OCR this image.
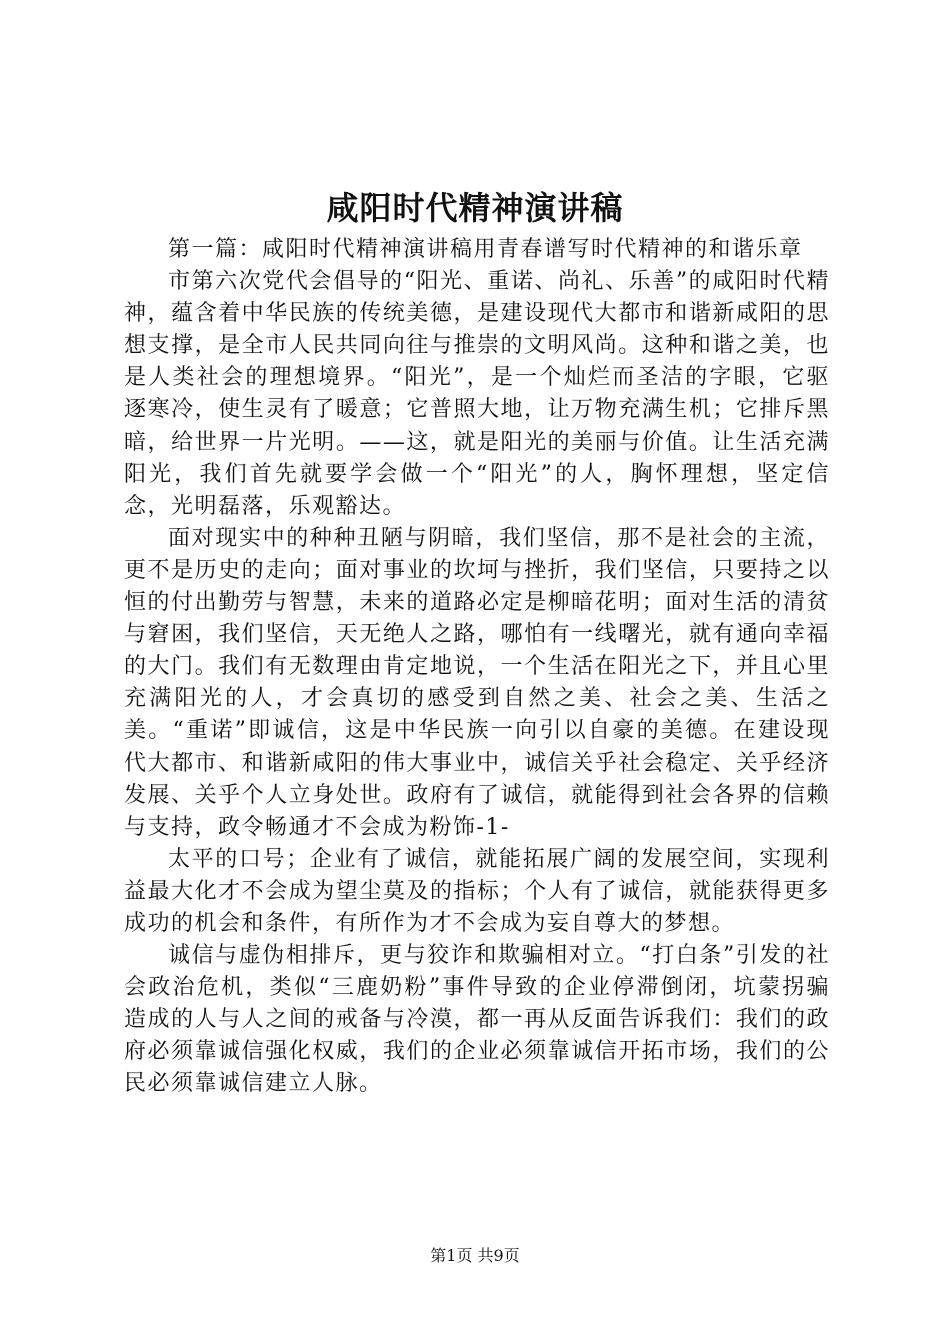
咸阳时代精神演讲稿

第一篇：咸阳时代精神演讲稿用青春谱写时代精神的和谐乐章

市第六次党代会倡导的“阳光、重诺、尚礼、乐善”的咸阳时代精神，蕴含着中华民族的传统美德，是建设现代大都市和谐新咸阳的思想支撑，是全市人民共同向往与推崇的文明风尚。这种和谐之美，也是人类社会的理想境界。“阳光”，是一个灿烂而圣洁的字眼，它驱逐寒冷，使生灵有了暖意；它普照大地，让万物充满生机；它排斥黑暗，给世界一片光明。——这，就是阳光的美丽与价值。让生活充满阳光，我们首先就要学会做一个“阳光”的人，胸怀理想，坚定信念，光明磊落，乐观豁达。

面对现实中的种种丑陋与阴暗，我们坚信，那不是社会的主流，更不是历史的走向；面对事业的坎坷与挫折，我们坚信，只要持之以恒的付出勤劳与智慧，未来的道路必定是柳暗花明；面对生活的清贫与窘困，我们坚信，天无绝人之路，哪怕有一线曙光，就有通向幸福的大门。我们有无数理由肯定地说，一个生活在阳光之下，并且心里充满阳光的人，才会真切的感受到自然之美、社会之美、生活之美。“重诺”即诚信，这是中华民族一向引以自豪的美德。在建设现代大都市、和谐新咸阳的伟大事业中，诚信关乎社会稳定、关乎经济发展、关乎个人立身处世。政府有了诚信，就能得到社会各界的信赖与支持，政令畅通才不会成为粉饰-1-

太平的口号；企业有了诚信，就能拓展广阔的发展空间，实现利益最大化才不会成为望尘莫及的指标；个人有了诚信，就能获得更多成功的机会和条件，有所作为才不会成为妄自尊大的梦想。

诚信与虚伪相排斥，更与狡诈和欺骗相对立。“打白条”引发的社会政治危机，类似“三鹿奶粉”事件导致的企业停滞倒闭，坑蒙拐骗造成的人与人之间的戒备与冷漠，都一再从反面告诉我们：我们的政府必须靠诚信强化权威，我们的企业必须靠诚信开拓市场，我们的公民必须靠诚信建立人脉。

第1页 共9页
